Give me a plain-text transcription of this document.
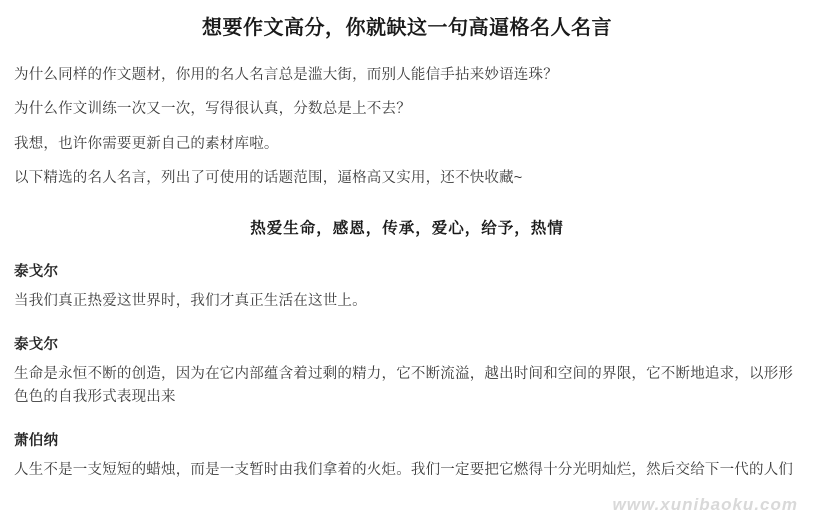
想要作文高分，你就缺这一句高逼格名人名言

为什么同样的作文题材，你用的名人名言总是滥大街，而别人能信手拈来妙语连珠？

为什么作文训练一次又一次，写得很认真，分数总是上不去？

我想，也许你需要更新自己的素材库啦。

以下精选的名人名言，列出了可使用的话题范围，逼格高又实用，还不快收藏~

热爱生命，感恩，传承，爱心，给予，热情
泰戈尔

当我们真正热爱这世界时，我们才真正生活在这世上。

泰戈尔

生命是永恒不断的创造，因为在它内部蕴含着过剩的精力，它不断流溢，越出时间和空间的界限，它不断地追求，以形形色色的自我形式表现出来

萧伯纳

人生不是一支短短的蜡烛，而是一支暂时由我们拿着的火炬。我们一定要把它燃得十分光明灿烂，然后交给下一代的人们

www.xunibaoku.com
